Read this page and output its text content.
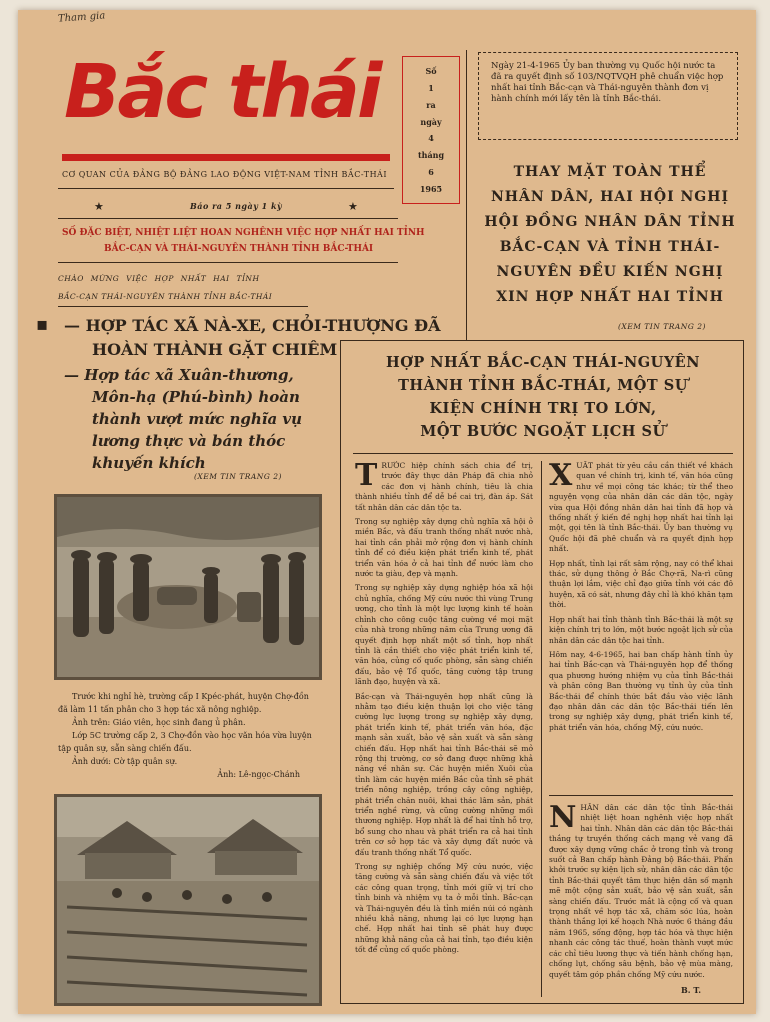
Tham gia
Bắc thái
CƠ QUAN CỦA ĐẢNG BỘ ĐẢNG LAO ĐỘNG VIỆT-NAM TỈNH BẮC-THÁI
★	Báo ra 5 ngày 1 kỳ	★
Số
1
ra
ngày
4
tháng
6
1965
Ngày 21-4-1965 Ủy ban thường vụ Quốc hội nước ta đã ra quyết định số 103/NQTVQH phê chuẩn việc hợp nhất hai tỉnh Bắc-cạn và Thái-nguyên thành đơn vị hành chính mới lấy tên là tỉnh Bắc-thái.
SỐ ĐẶC BIỆT, NHIỆT LIỆT HOAN NGHÊNH VIỆC HỢP NHẤT HAI TỈNH
BẮC-CẠN VÀ THÁI-NGUYÊN THÀNH TỈNH BẮC-THÁI
CHÀO MỪNG VIỆC HỢP NHẤT HAI TỈNH
BẮC-CẠN THÁI-NGUYÊN THÀNH TỈNH BẮC-THÁI
THAY MẶT TOÀN THỂ
NHÂN DÂN, HAI HỘI NGHỊ
HỘI ĐỒNG NHÂN DÂN TỈNH
BẮC-CẠN VÀ TỈNH THÁI-
NGUYÊN ĐỀU KIẾN NGHỊ
XIN HỢP NHẤT HAI TỈNH
(XEM TIN TRANG 2)
▪ — HỢP TÁC XÃ NÀ-XE, CHỎI-THƯỢNG ĐÃ
HOÀN THÀNH GẶT CHIÊM
— Hợp tác xã Xuân-thương,
Môn-hạ (Phú-bình) hoàn
thành vượt mức nghĩa vụ
lương thực và bán thóc
khuyến khích
(XEM TIN TRANG 2)
Trước khi nghỉ hè, trường cấp I Kpéc-phát, huyện Chợ-đồn đã làm 11 tấn phân cho 3 hợp tác xã nông nghiệp.
Ảnh trên: Giáo viên, học sinh đang ủ phân.
Lớp 5C trường cấp 2, 3 Chợ-đồn vào học văn hóa vừa luyện tập quân sự, sẵn sàng chiến đấu.
Ảnh dưới: Cờ tập quân sự.
Ảnh: Lê-ngọc-Chánh
HỢP NHẤT BẮC-CẠN THÁI-NGUYÊN
THÀNH TỈNH BẮC-THÁI, MỘT SỰ
KIỆN CHÍNH TRỊ TO LỚN,
MỘT BƯỚC NGOẶT LỊCH SỬ

TRƯỚC hiệp chính sách chia để trị, trước đây thực dân Pháp đã chia nhỏ các đơn vị hành chính, tiêu là chia thành nhiều tỉnh để dễ bề cai trị, đàn áp. Sát tất nhân dân các dân tộc ta.

Trong sự nghiệp xây dựng chủ nghĩa xã hội ở miền Bắc, và đấu tranh thống nhất nước nhà, hai tỉnh cần phải mở rộng đơn vị hành chính tỉnh để có điều kiện phát triển kinh tế, phát triển văn hóa ở cả hai tỉnh để nước làm cho nước ta giàu, đẹp và mạnh.

Trong sự nghiệp xây dựng nghiệp hóa xã hội chủ nghĩa, chống Mỹ cứu nước thì vùng Trung ương, cho tỉnh là một lực lượng kinh tế hoàn chỉnh cho công cuộc tăng cường về mọi mặt của nhà trong những năm của Trung ương đã quyết định hợp nhất một số tỉnh, hợp nhất tỉnh là cần thiết cho việc phát triển kinh tế, văn hóa, củng cố quốc phòng, sẵn sàng chiến đấu, bảo vệ Tổ quốc, tăng cường tập trung lãnh đạo, huyện và xã.

Bắc-cạn và Thái-nguyên hợp nhất cũng là nhằm tạo điều kiện thuận lợi cho việc tăng cường lực lượng trong sự nghiệp xây dựng, phát triển kinh tế, phát triển văn hóa, đặc mạnh sản xuất, bảo vệ sản xuất và sẵn sàng chiến đấu. Hợp nhất hai tỉnh Bắc-thái sẽ mở rộng thị trường, cơ sở đang được những khả năng về nhân sự. Các huyện miền Xuôi của tỉnh làm các huyện miền Bắc của tỉnh sẽ phát triển nông nghiệp, trồng cây công nghiệp, phát triển chăn nuôi, khai thác lâm sản, phát triển nghề rừng, và cũng cường những mối thương nghiệp. Hợp nhất là để hai tỉnh hỗ trợ, bổ sung cho nhau và phát triển ra cả hai tỉnh trên cơ sở hợp tác và xây dựng đất nước và đấu tranh thống nhất Tổ quốc.

Trong sự nghiệp chống Mỹ cứu nước, việc tăng cường và sẵn sàng chiến đấu và việc tốt các công quan trọng, tỉnh mới giữ vị trí cho tỉnh binh và nhiệm vụ ta ở mỗi tỉnh. Bắc-cạn và Thái-nguyên đều là tỉnh miền núi có ngành nhiều khả năng, nhưng lại có lực lượng hạn chế. Hợp nhất hai tỉnh sẽ phát huy được những khả năng của cả hai tỉnh, tạo điều kiện tốt để củng cố quốc phòng.

XUẤT phát từ yêu cầu cần thiết về khách quan về chính trị, kinh tế, văn hóa cũng như về mọi công tác khác; từ thể theo nguyện vọng của nhân dân các dân tộc, ngày vừa qua Hội đồng nhân dân hai tỉnh đã họp và thống nhất ý kiến đề nghị hợp nhất hai tỉnh lại một, gọi tên là tỉnh Bắc-thái. Ủy ban thường vụ Quốc hội đã phê chuẩn và ra quyết định hợp nhất.

Hợp nhất, tỉnh lại rất sâm rộng, nay có thể khai thác, sử dụng thông ở Bắc Chợ-rã, Na-rì cũng thuận lợi lắm, việc chỉ đạo giữa tỉnh với các đô huyện, xã có sát, nhưng đây chỉ là khó khăn tạm thời.

Hợp nhất hai tỉnh thành tỉnh Bắc-thái là một sự kiện chính trị to lớn, một bước ngoặt lịch sử của nhân dân các dân tộc hai tỉnh.

Hôm nay, 4-6-1965, hai ban chấp hành tỉnh ủy hai tỉnh Bắc-cạn và Thái-nguyên họp để thống qua phương hướng nhiệm vụ của tỉnh Bắc-thái và phân công Ban thường vụ tỉnh ủy của tỉnh Bắc-thái để chính thức bắt đầu vào việc lãnh đạo nhân dân các dân tộc Bắc-thái tiến lên trong sự nghiệp xây dựng, phát triển kinh tế, phát triển văn hóa, chống Mỹ, cứu nước.

NHÂN dân các dân tộc tỉnh Bắc-thái nhiệt liệt hoan nghênh việc hợp nhất hai tỉnh. Nhân dân các dân tộc Bắc-thái thắng tự truyền thống cách mạng vẻ vang đã được xây dựng vững chắc ở trong tỉnh và trong suốt cả Ban chấp hành Đảng bộ Bắc-thái. Phấn khởi trước sự kiện lịch sử, nhân dân các dân tộc tỉnh Bắc-thái quyết tâm thực hiện dân số mạnh mẽ một cộng sản xuất, bảo vệ sản xuất, sẵn sàng chiến đấu. Trước mắt là cộng cố và quan trọng nhất về hợp tác xã, chăm sóc lúa, hoàn thành thắng lợi kế hoạch Nhà nước 6 tháng đầu năm 1965, sống động, hợp tác hóa và thực hiện nhanh các công tác thuế, hoàn thành vượt mức các chỉ tiêu lương thực và tiến hành chống hạn, chống lụt, chống sâu bệnh, bảo vệ mùa màng, quyết tâm góp phần chống Mỹ cứu nước.

B. T.
